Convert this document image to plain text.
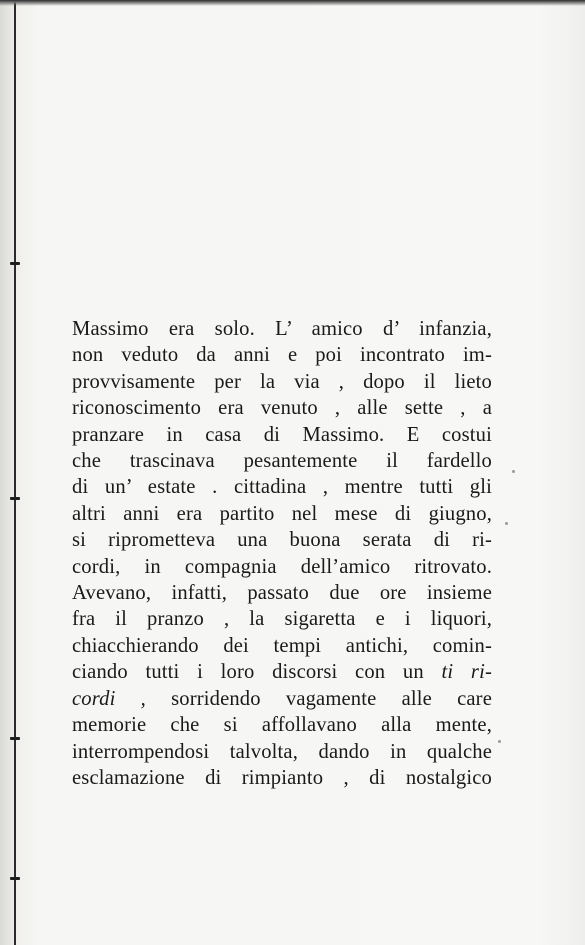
Massimo era solo. L’ amico d’ infanzia,
non veduto da anni e poi incontrato im-
provvisamente per la via , dopo il lieto
riconoscimento era venuto , alle sette , a
pranzare in casa di Massimo. E costui
che trascinava pesantemente il fardello
di un’ estate . cittadina , mentre tutti gli
altri anni era partito nel mese di giugno,
si riprometteva una buona serata di ri-
cordi, in compagnia dell’amico ritrovato.
Avevano, infatti, passato due ore insieme
fra il pranzo , la sigaretta e i liquori,
chiacchierando dei tempi antichi, comin-
ciando tutti i loro discorsi con un ti ri-
cordi , sorridendo vagamente alle care
memorie che si affollavano alla mente,
interrompendosi talvolta, dando in qualche
esclamazione di rimpianto , di nostalgico
